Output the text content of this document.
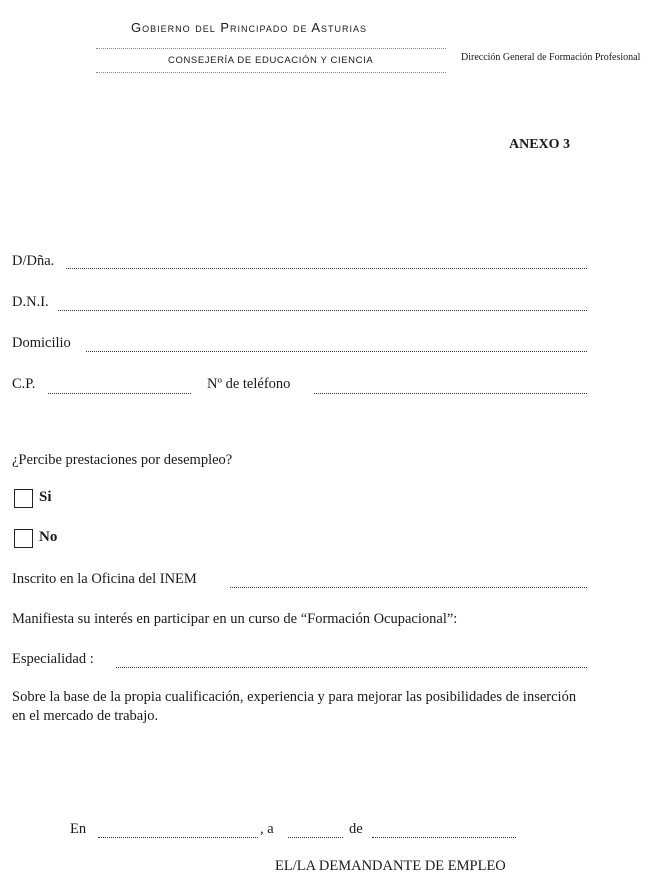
Gobierno del Principado de Asturias
CONSEJERÍA DE EDUCACIÓN Y CIENCIA	Dirección General de Formación Profesional
ANEXO 3
D/Dña.
D.N.I.
Domicilio
C.P.	Nº de teléfono
¿Percibe prestaciones por desempleo?
Si
No
Inscrito en la Oficina del INEM
Manifiesta su interés en participar en un curso de “Formación Ocupacional”:
Especialidad :
Sobre la base de la propia cualificación, experiencia y para mejorar las posibilidades de inserción en el mercado de trabajo.
En	, a	de
EL/LA DEMANDANTE DE EMPLEO
